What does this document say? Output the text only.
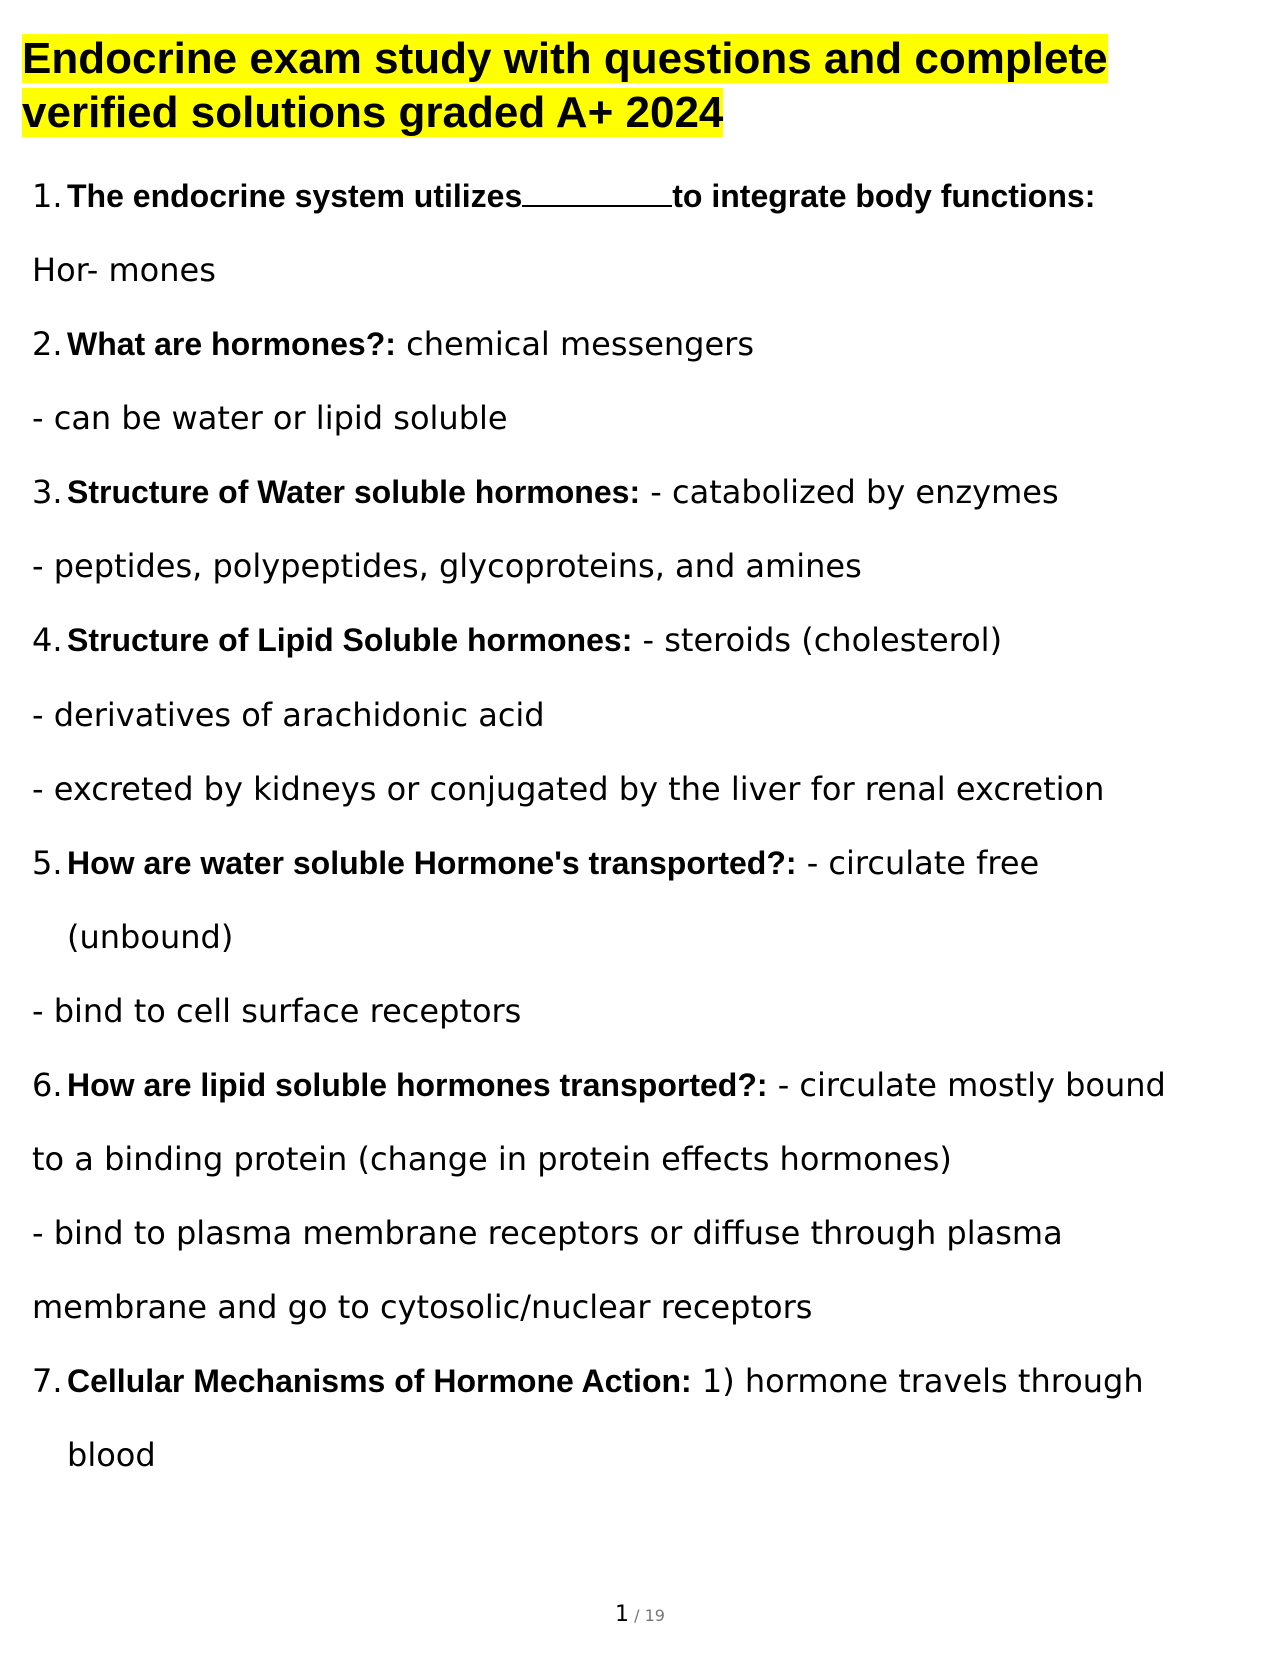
Endocrine exam study with questions and complete verified solutions graded A+ 2024
1. The endocrine system utilizes	to integrate body functions:
Hor- mones
2. What are hormones?: chemical messengers
- can be water or lipid soluble
3. Structure of Water soluble hormones: - catabolized by enzymes
- peptides, polypeptides, glycoproteins, and amines
4. Structure of Lipid Soluble hormones: - steroids (cholesterol)
- derivatives of arachidonic acid
- excreted by kidneys or conjugated by the liver for renal excretion
5. How are water soluble Hormone's transported?: - circulate free
(unbound)
- bind to cell surface receptors
6. How are lipid soluble hormones transported?: - circulate mostly bound
to a binding protein (change in protein effects hormones)
- bind to plasma membrane receptors or diffuse through plasma
membrane and go to cytosolic/nuclear receptors
7. Cellular Mechanisms of Hormone Action: 1) hormone travels through
blood
1 / 19
